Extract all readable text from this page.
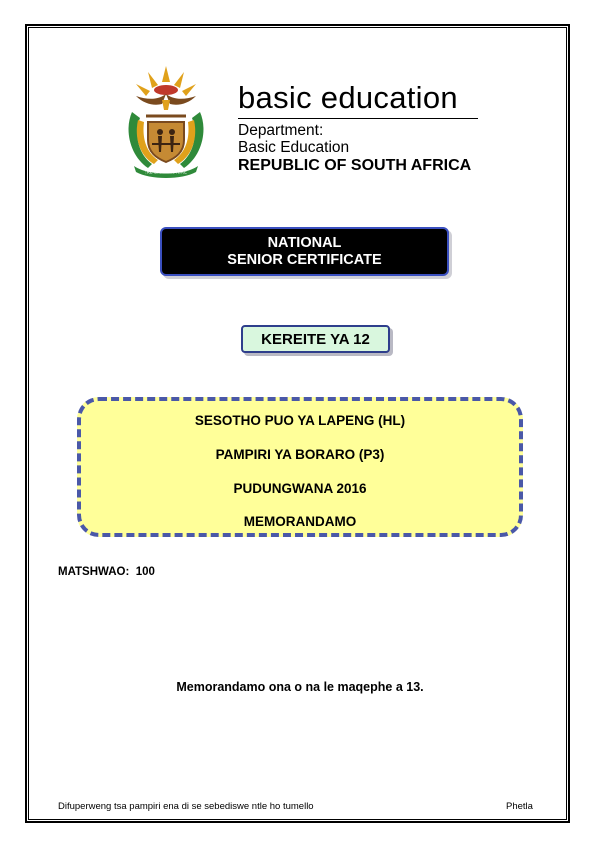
!KE E: /XARRA //KE
basic education
Department:
Basic Education
REPUBLIC OF SOUTH AFRICA
NATIONAL
SENIOR CERTIFICATE
KEREITE YA 12
SESOTHO PUO YA LAPENG (HL)
PAMPIRI YA BORARO (P3)
PUDUNGWANA 2016
MEMORANDAMO
MATSHWAO:  100
Memorandamo ona o na le maqephe a 13.
Difuperweng tsa pampiri ena di se sebediswe ntle ho tumello	Phetla
